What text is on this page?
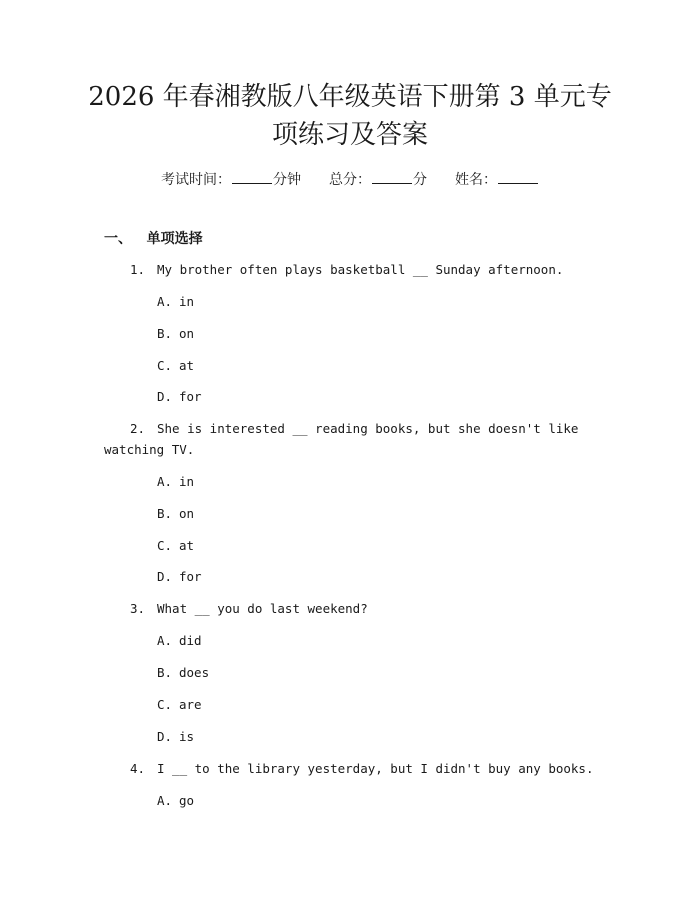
2026 年春湘教版八年级英语下册第 3 单元专
项练习及答案
考试时间：	分钟 总分：	分 姓名：
一、 单项选择
1. My brother often plays basketball __ Sunday afternoon.
A. in
B. on
C. at
D. for
2. She is interested __ reading books, but she doesn't like
watching TV.
A. in
B. on
C. at
D. for
3. What __ you do last weekend?
A. did
B. does
C. are
D. is
4. I __ to the library yesterday, but I didn't buy any books.
A. go
